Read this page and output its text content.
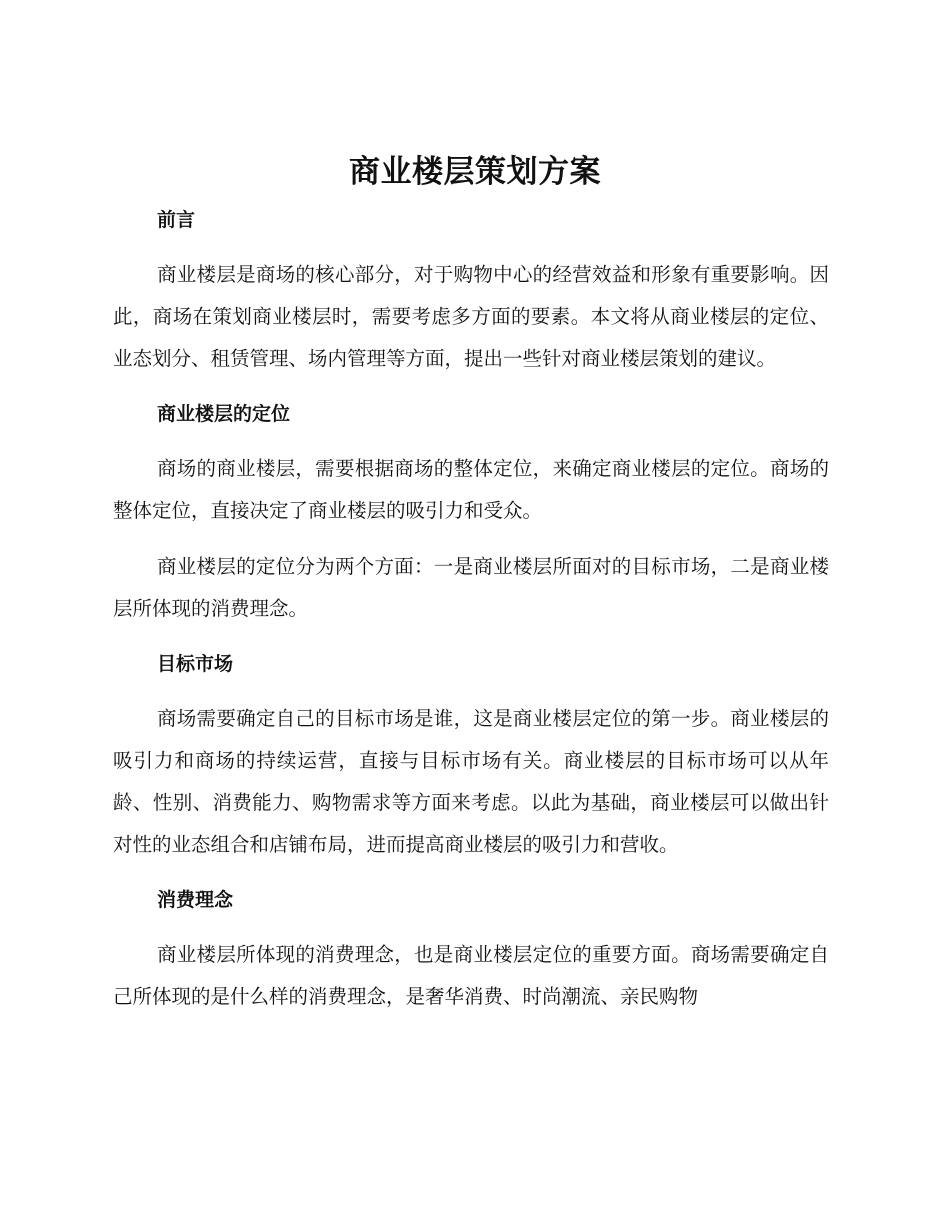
商业楼层策划方案
前言

商业楼层是商场的核心部分，对于购物中心的经营效益和形象有重要影响。因此，商场在策划商业楼层时，需要考虑多方面的要素。本文将从商业楼层的定位、业态划分、租赁管理、场内管理等方面，提出一些针对商业楼层策划的建议。

商业楼层的定位

商场的商业楼层，需要根据商场的整体定位，来确定商业楼层的定位。商场的整体定位，直接决定了商业楼层的吸引力和受众。

商业楼层的定位分为两个方面：一是商业楼层所面对的目标市场，二是商业楼层所体现的消费理念。

目标市场

商场需要确定自己的目标市场是谁，这是商业楼层定位的第一步。商业楼层的吸引力和商场的持续运营，直接与目标市场有关。商业楼层的目标市场可以从年龄、性别、消费能力、购物需求等方面来考虑。以此为基础，商业楼层可以做出针对性的业态组合和店铺布局，进而提高商业楼层的吸引力和营收。

消费理念

商业楼层所体现的消费理念，也是商业楼层定位的重要方面。商场需要确定自己所体现的是什么样的消费理念，是奢华消费、时尚潮流、亲民购物
